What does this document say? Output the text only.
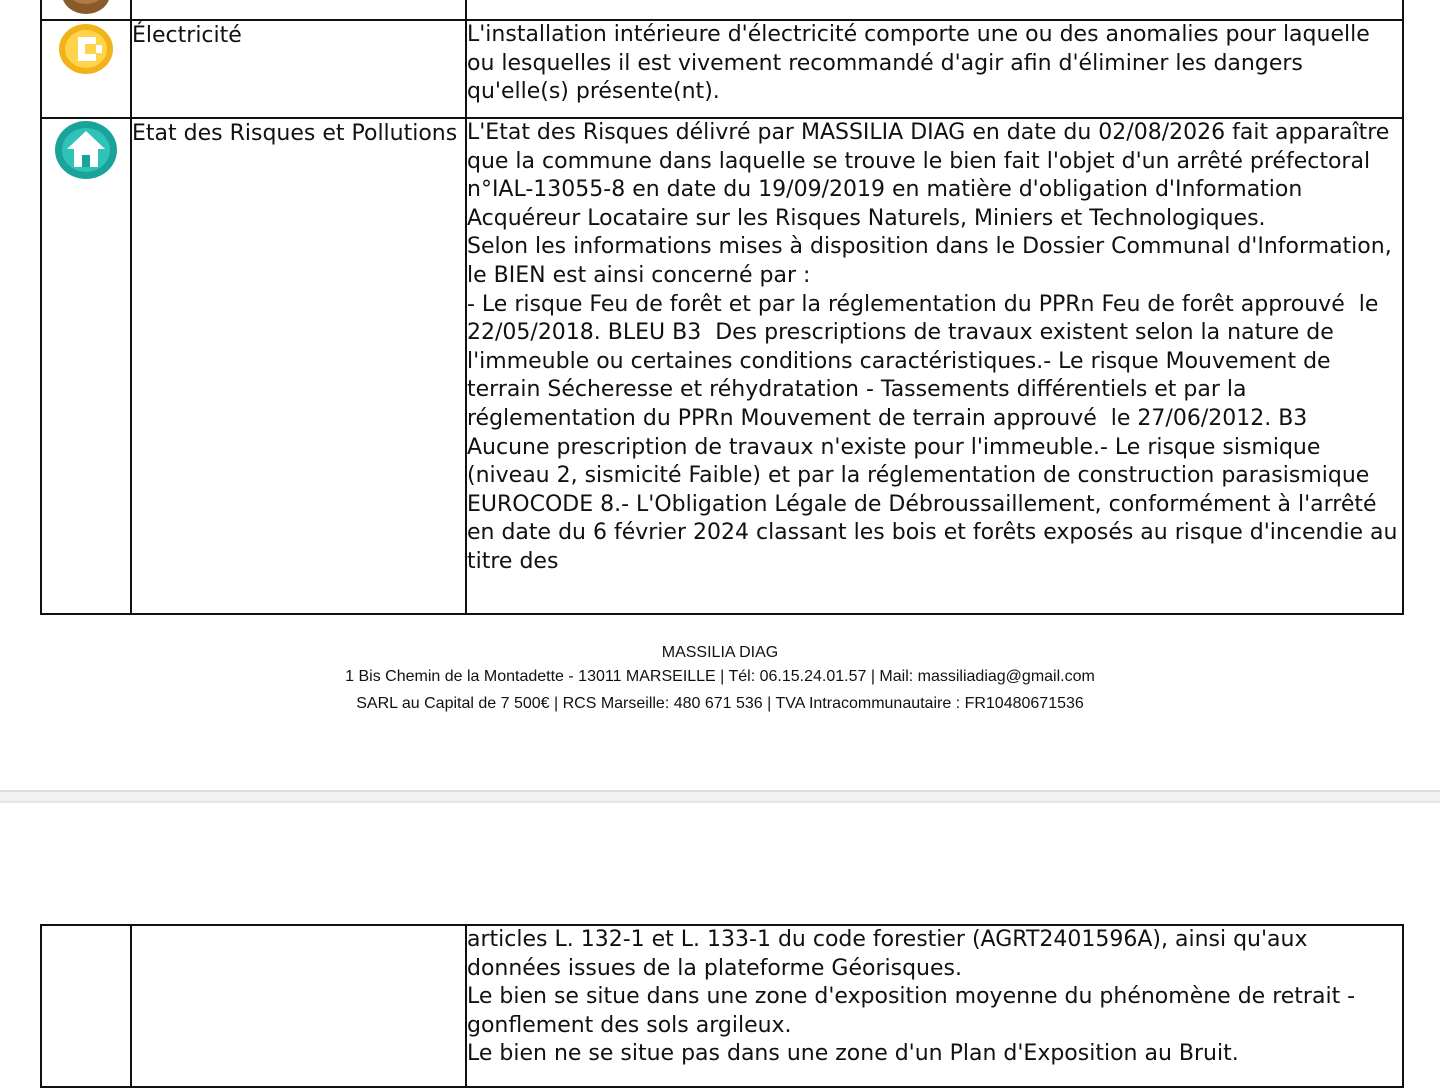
	Électricité	L'installation intérieure d'électricité comporte une ou des anomalies pour laquelle ou lesquelles il est vivement recommandé d'agir afin d'éliminer les dangers qu'elle(s) présente(nt).

	Etat des Risques et Pollutions	L'Etat des Risques délivré par MASSILIA DIAG en date du 02/08/2026 fait apparaître que la commune dans laquelle se trouve le bien fait l'objet d'un arrêté préfectoral n°IAL-13055-8 en date du 19/09/2019 en matière d'obligation d'Information Acquéreur Locataire sur les Risques Naturels, Miniers et Technologiques.
Selon les informations mises à disposition dans le Dossier Communal d'Information, le BIEN est ainsi concerné par :
- Le risque Feu de forêt et par la réglementation du PPRn Feu de forêt approuvé  le 22/05/2018. BLEU B3  Des prescriptions de travaux existent selon la nature de l'immeuble ou certaines conditions caractéristiques.- Le risque Mouvement de terrain Sécheresse et réhydratation - Tassements différentiels et par la réglementation du PPRn Mouvement de terrain approuvé  le 27/06/2012. B3  Aucune prescription de travaux n'existe pour l'immeuble.- Le risque sismique (niveau 2, sismicité Faible) et par la réglementation de construction parasismique EUROCODE 8.- L'Obligation Légale de Débroussaillement, conformément à l'arrêté en date du 6 février 2024 classant les bois et forêts exposés au risque d'incendie au titre des
MASSILIA DIAG
1 Bis Chemin de la Montadette - 13011 MARSEILLE | Tél: 06.15.24.01.57 | Mail: massiliadiag@gmail.com
SARL au Capital de 7 500€ | RCS Marseille: 480 671 536 | TVA Intracommunautaire : FR10480671536

articles L. 132-1 et L. 133-1 du code forestier (AGRT2401596A), ainsi qu'aux données issues de la plateforme Géorisques.
Le bien se situe dans une zone d'exposition moyenne du phénomène de retrait - gonflement des sols argileux.
Le bien ne se situe pas dans une zone d'un Plan d'Exposition au Bruit.
